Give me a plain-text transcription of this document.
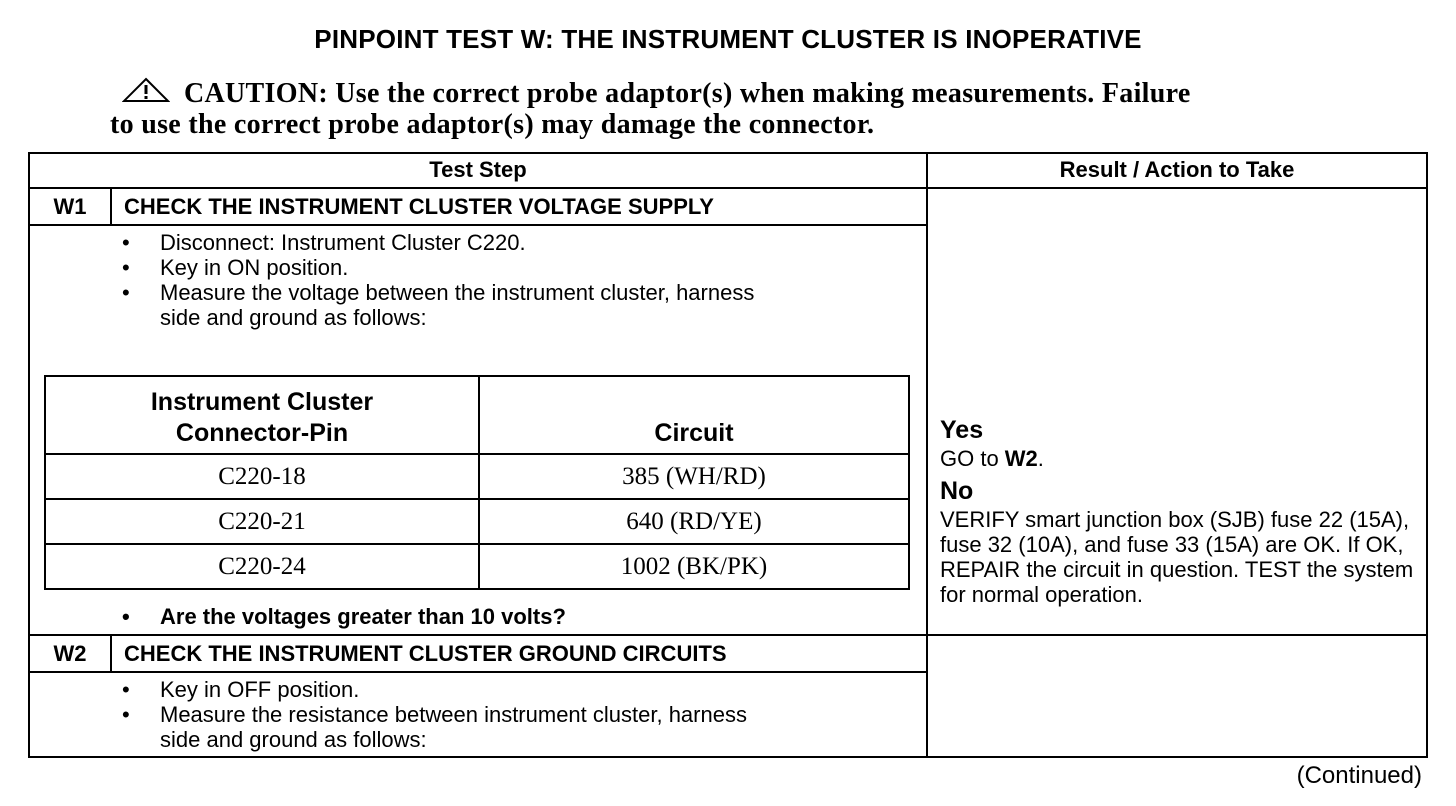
PINPOINT TEST W: THE INSTRUMENT CLUSTER IS INOPERATIVE
CAUTION: Use the correct probe adaptor(s) when making measurements. Failure
to use the correct probe adaptor(s) may damage the connector.
Test Step	Result / Action to Take
W1	CHECK THE INSTRUMENT CLUSTER VOLTAGE SUPPLY
• Disconnect: Instrument Cluster C220.
• Key in ON position.
• Measure the voltage between the instrument cluster, harness
side and ground as follows:
Instrument Cluster
Connector-Pin	Circuit
C220-18	385 (WH/RD)
C220-21	640 (RD/YE)
C220-24	1002 (BK/PK)
• Are the voltages greater than 10 volts?
Yes
GO to W2.
No
VERIFY smart junction box (SJB) fuse 22 (15A), fuse 32 (10A), and fuse 33 (15A) are OK. If OK, REPAIR the circuit in question. TEST the system for normal operation.
W2	CHECK THE INSTRUMENT CLUSTER GROUND CIRCUITS
• Key in OFF position.
• Measure the resistance between instrument cluster, harness
side and ground as follows:
(Continued)
